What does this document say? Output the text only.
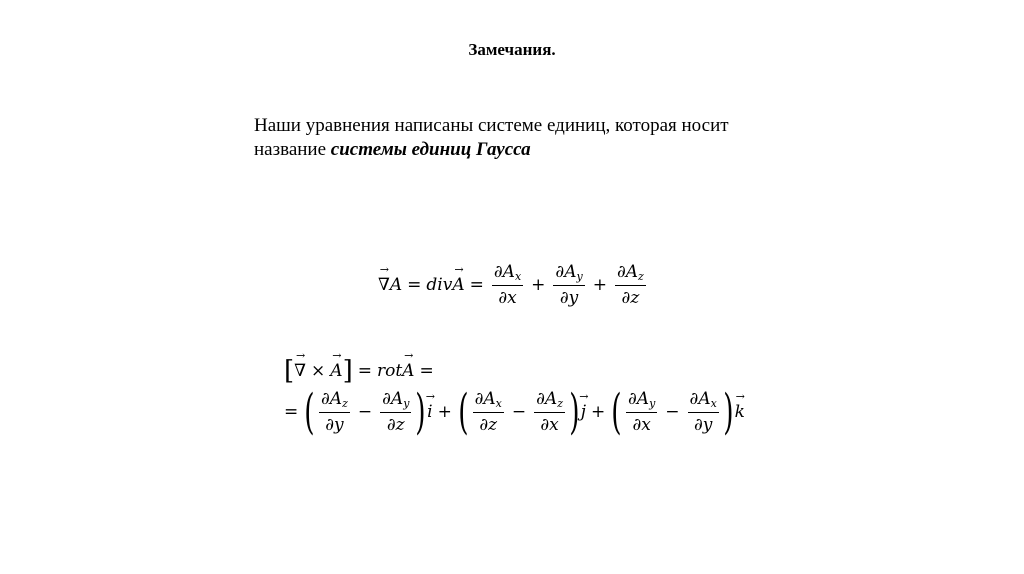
Замечания.
Наши уравнения написаны системе единиц, которая носит
название системы единиц Гаусса
→ ∇ A = div → $A = \frac{\partial A_x}{\partial x} + \frac{\partial A_y}{\partial y} + \frac{\partial A_z}{\partial z}$
[ → ∇ × → A ] = rot → A =
= ( $\frac{\partial A_z}{\partial y} - \frac{\partial A_y}{\partial z}$ ) → i + ( $\frac{\partial A_x}{\partial z} - \frac{\partial A_z}{\partial x}$ ) → j + ( $\frac{\partial A_y}{\partial x} - \frac{\partial A_x}{\partial y}$ ) → k
